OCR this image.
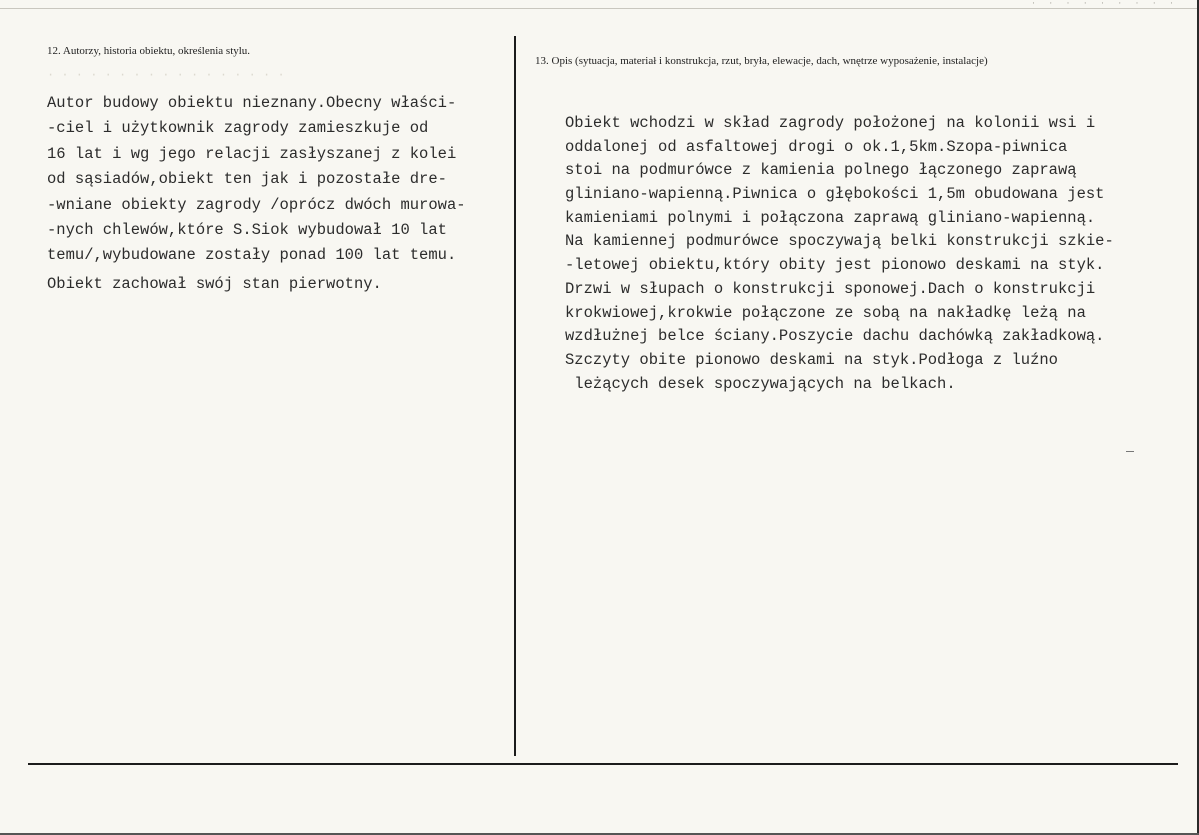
· · · · · · · · ·
12. Autorzy, historia obiektu, określenia stylu.
· · · · · · · · · · · · · · · · ·
Autor budowy obiektu nieznany.Obecny właści-
-ciel i użytkownik zagrody zamieszkuje od
16 lat i wg jego relacji zasłyszanej z kolei
od sąsiadów,obiekt ten jak i pozostałe dre-
-wniane obiekty zagrody /oprócz dwóch murowa-
-nych chlewów,które S.Siok wybudował 10 lat
temu/,wybudowane zostały ponad 100 lat temu.
Obiekt zachował swój stan pierwotny.
13. Opis (sytuacja, materiał i konstrukcja, rzut, bryła, elewacje, dach, wnętrze wyposażenie, instalacje)
Obiekt wchodzi w skład zagrody położonej na kolonii wsi i
oddalonej od asfaltowej drogi o ok.1,5km.Szopa-piwnica
stoi na podmurówce z kamienia polnego łączonego zaprawą
gliniano-wapienną.Piwnica o głębokości 1,5m obudowana jest
kamieniami polnymi i połączona zaprawą gliniano-wapienną.
Na kamiennej podmurówce spoczywają belki konstrukcji szkie-
-letowej obiektu,który obity jest pionowo deskami na styk.
Drzwi w słupach o konstrukcji sponowej.Dach o konstrukcji
krokwiowej,krokwie połączone ze sobą na nakładkę leżą na
wzdłużnej belce ściany.Poszycie dachu dachówką zakładkową.
Szczyty obite pionowo deskami na styk.Podłoga z luźno
leżących desek spoczywających na belkach.
